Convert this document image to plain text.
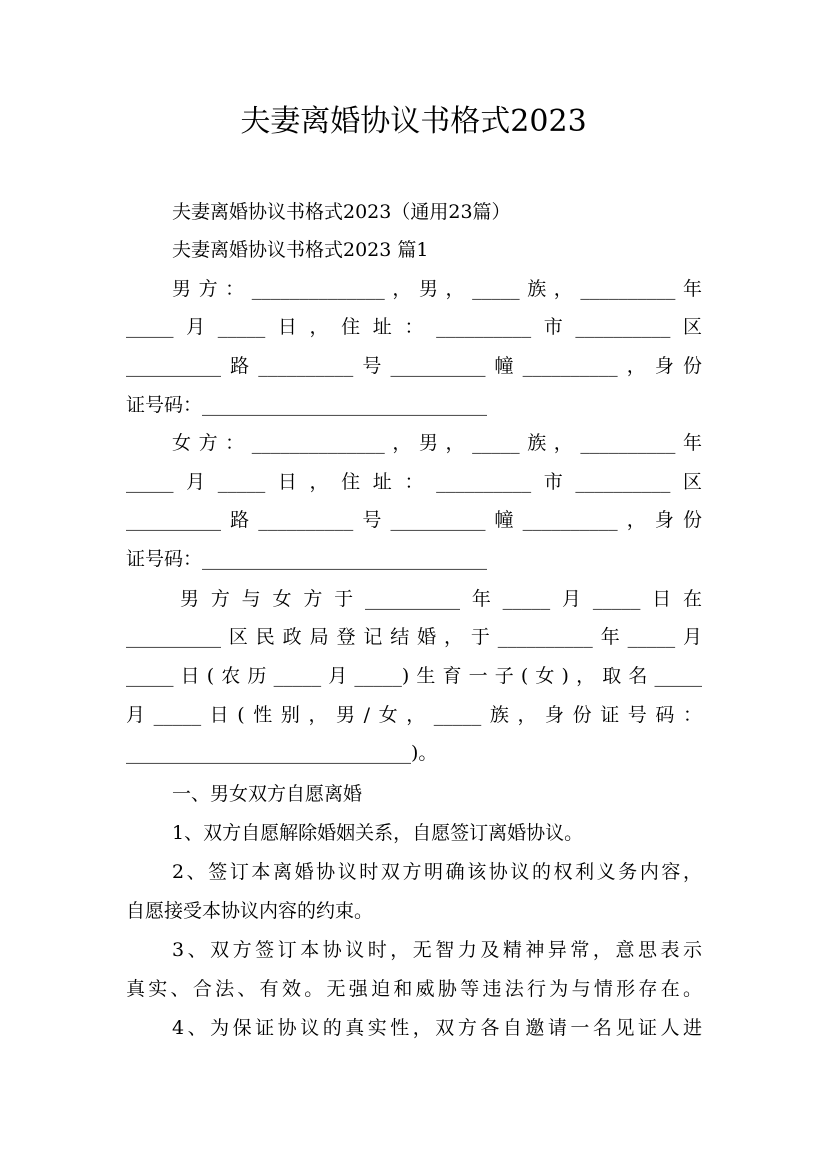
夫妻离婚协议书格式2023
夫妻离婚协议书格式2023（通用23篇）
夫妻离婚协议书格式2023 篇1
男方：______________，男，_____族，__________年
_____月_____日，住址：__________市__________区
__________路__________号__________幢__________，身份
证号码：______________________________
女方：______________，男，_____族，__________年
_____月_____日，住址：__________市__________区
__________路__________号__________幢__________，身份
证号码：______________________________
男方与女方于__________年_____月_____日在
__________区民政局登记结婚，于__________年_____月
_____日(农历_____月_____)生育一子(女)，取名_____
月_____日(性别，男/女，_____族，身份证号码：
______________________________)。
一、男女双方自愿离婚
1、双方自愿解除婚姻关系，自愿签订离婚协议。
2、签订本离婚协议时双方明确该协议的权利义务内容，
自愿接受本协议内容的约束。
3、双方签订本协议时，无智力及精神异常，意思表示
真实、合法、有效。无强迫和威胁等违法行为与情形存在。
4、为保证协议的真实性，双方各自邀请一名见证人进
